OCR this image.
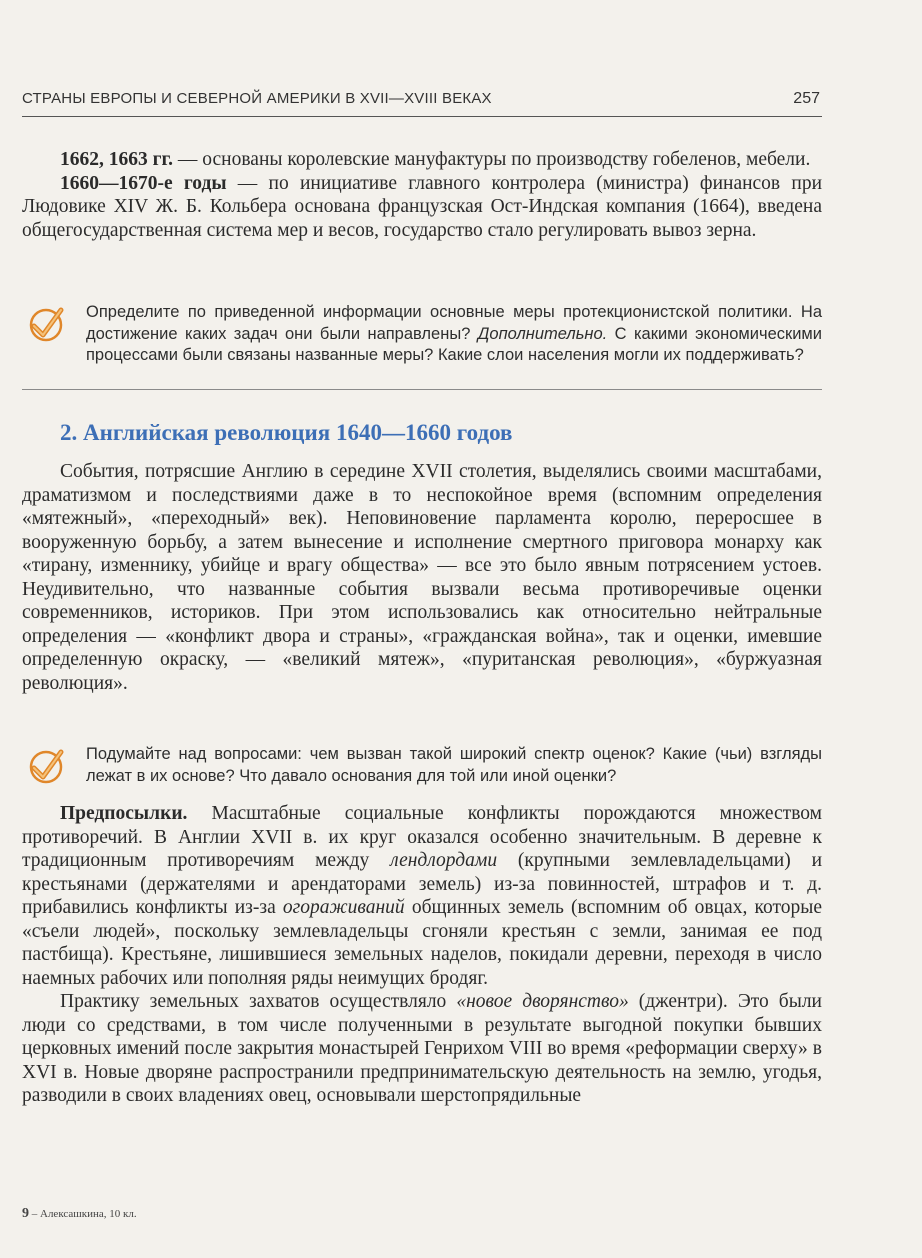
СТРАНЫ ЕВРОПЫ И СЕВЕРНОЙ АМЕРИКИ В XVII—XVIII ВЕКАХ	257

1662, 1663 гг. — основаны королевские мануфактуры по производству гобеленов, мебели.

1660—1670-е годы — по инициативе главного контролера (министра) финансов при Людовике XIV Ж. Б. Кольбера основана французская Ост-Индская компания (1664), введена общегосударственная система мер и весов, государство стало регулировать вывоз зерна.

Определите по приведенной информации основные меры протекционистской политики. На достижение каких задач они были направлены? Дополнительно. С какими экономическими процессами были связаны названные меры? Какие слои населения могли их поддерживать?
2. Английская революция 1640—1660 годов

События, потрясшие Англию в середине XVII столетия, выделялись своими масштабами, драматизмом и последствиями даже в то неспокойное время (вспомним определения «мятежный», «переходный» век). Неповиновение парламента королю, переросшее в вооруженную борьбу, а затем вынесение и исполнение смертного приговора монарху как «тирану, изменнику, убийце и врагу общества» — все это было явным потрясением устоев. Неудивительно, что названные события вызвали весьма противоречивые оценки современников, историков. При этом использовались как относительно нейтральные определения — «конфликт двора и страны», «гражданская война», так и оценки, имевшие определенную окраску, — «великий мятеж», «пуританская революция», «буржуазная революция».

Подумайте над вопросами: чем вызван такой широкий спектр оценок? Какие (чьи) взгляды лежат в их основе? Что давало основания для той или иной оценки?

Предпосылки. Масштабные социальные конфликты порождаются множеством противоречий. В Англии XVII в. их круг оказался особенно значительным. В деревне к традиционным противоречиям между лендлордами (крупными землевладельцами) и крестьянами (держателями и арендаторами земель) из-за повинностей, штрафов и т. д. прибавились конфликты из-за огораживаний общинных земель (вспомним об овцах, которые «съели людей», поскольку землевладельцы сгоняли крестьян с земли, занимая ее под пастбища). Крестьяне, лишившиеся земельных наделов, покидали деревни, переходя в число наемных рабочих или пополняя ряды неимущих бродяг.

Практику земельных захватов осуществляло «новое дворянство» (джентри). Это были люди со средствами, в том числе полученными в результате выгодной покупки бывших церковных имений после закрытия монастырей Генрихом VIII во время «реформации сверху» в XVI в. Новые дворяне распространили предпринимательскую деятельность на землю, угодья, разводили в своих владениях овец, основывали шерстопрядильные

9 – Алексашкина, 10 кл.
